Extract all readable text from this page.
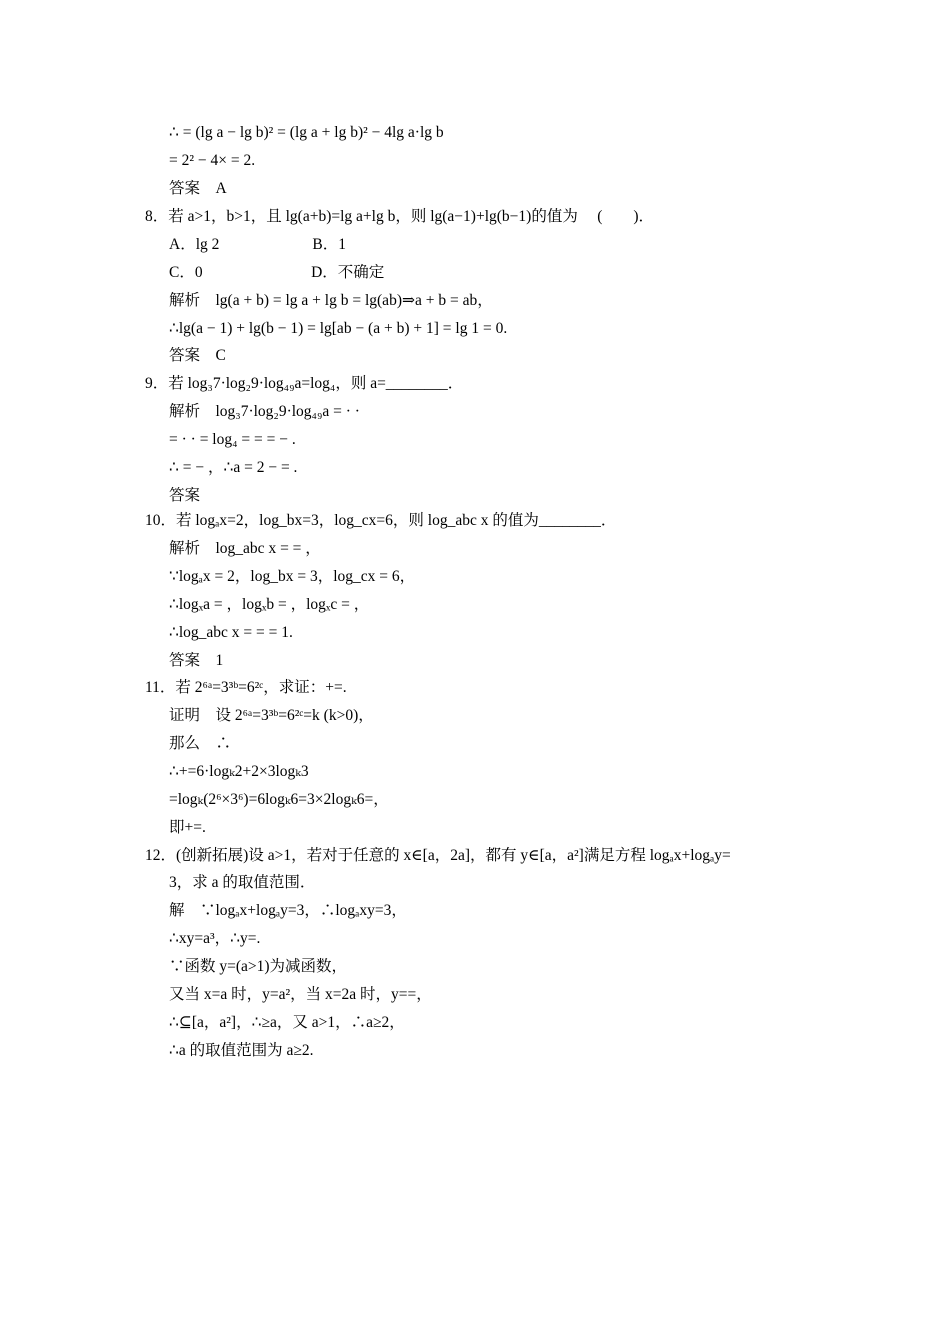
∴ = (lg a − lg b)² = (lg a + lg b)² − 4lg a·lg b
= 2² − 4× = 2.
答案　A
8．若 a>1，b>1，且 lg(a+b)=lg a+lg b，则 lg(a−1)+lg(b−1)的值为　 (　　)．
A．lg 2　　　　　　B．1
C．0　　　　　　　D．不确定
解析　lg(a + b) = lg a + lg b = lg(ab)⇒a + b = ab，
∴lg(a − 1) + lg(b − 1) = lg[ab − (a + b) + 1] = lg 1 = 0.
答案　C
9．若 log₃7·log₂9·log₄₉a=log₄，则 a=________．
解析　log₃7·log₂9·log₄₉a = · ·
= · · = log₄ = = = − .
∴ = − ，∴a = 2 − = .
答案
10．若 logₐx=2，log_bx=3，log_cx=6，则 log_abc x 的值为________．
解析　log_abc x = = ，
∵logₐx = 2，log_bx = 3，log_cx = 6，
∴logₓa = ，logₓb = ，logₓc = ，
∴log_abc x = = = 1.
答案　1
11．若 2⁶ᵃ=3³ᵇ=6²ᶜ，求证：+=.
证明　设 2⁶ᵃ=3³ᵇ=6²ᶜ=k (k>0)，
那么　∴
∴+=6·logₖ2+2×3logₖ3
=logₖ(2⁶×3⁶)=6logₖ6=3×2logₖ6=，
即+=.
12．(创新拓展)设 a>1，若对于任意的 x∈[a，2a]，都有 y∈[a，a²]满足方程 logₐx+logₐy=
3，求 a 的取值范围．
解　∵logₐx+logₐy=3，∴logₐxy=3，
∴xy=a³，∴y=.
∵函数 y=(a>1)为减函数，
又当 x=a 时，y=a²，当 x=2a 时，y==，
∴⊆[a，a²]，∴≥a，又 a>1，∴a≥2，
∴a 的取值范围为 a≥2.
